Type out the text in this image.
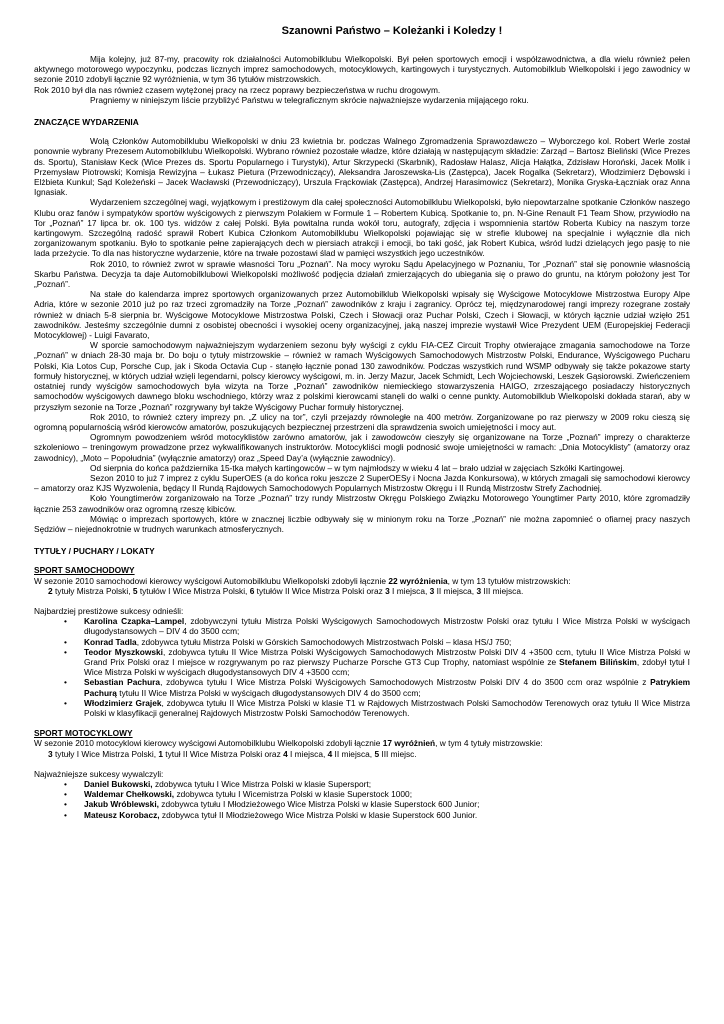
Szanowni Państwo – Koleżanki i Koledzy !

Mija kolejny, już 87-my, pracowity rok działalności Automobilklubu Wielkopolski. Był pełen sportowych emocji i współzawodnictwa, a dla wielu również pełen aktywnego motorowego wypoczynku, podczas licznych imprez samochodowych, motocyklowych, kartingowych i turystycznych. Automobilklub Wielkopolski i jego zawodnicy w sezonie 2010 zdobyli łącznie 92 wyróżnienia, w tym 36 tytułów mistrzowskich.

Rok 2010 był dla nas również czasem wytężonej pracy na rzecz poprawy bezpieczeństwa w ruchu drogowym.

Pragniemy w niniejszym liście przybliżyć Państwu w telegraficznym skrócie najważniejsze wydarzenia mijającego roku.

ZNACZĄCE WYDARZENIA

Wolą Członków Automobilklubu Wielkopolski w dniu 23 kwietnia br. podczas Walnego Zgromadzenia Sprawozdawczo – Wyborczego kol. Robert Werle został ponownie wybrany Prezesem Automobilklubu Wielkopolski. Wybrano również pozostałe władze, które działają w następującym składzie: Zarząd – Bartosz Bieliński (Wice Prezes ds. Sportu), Stanisław Keck (Wice Prezes ds. Sportu Popularnego i Turystyki), Artur Skrzypecki (Skarbnik), Radosław Halasz, Alicja Hałątka, Zdzisław Horoński, Jacek Molik i Przemysław Piotrowski; Komisja Rewizyjna – Łukasz Pietura (Przewodniczący), Aleksandra Jaroszewska-Lis (Zastępca), Jacek Rogalka (Sekretarz), Włodzimierz Dębowski i Elżbieta Kunkul; Sąd Koleżeński – Jacek Wacławski (Przewodniczący), Urszula Frąckowiak (Zastępca), Andrzej Harasimowicz (Sekretarz), Monika Gryska-Łączniak oraz Anna Ignasiak.

Wydarzeniem szczególnej wagi, wyjątkowym i prestiżowym dla całej społeczności Automobilklubu Wielkopolski, było niepowtarzalne spotkanie Członków naszego Klubu oraz fanów i sympatyków sportów wyścigowych z pierwszym Polakiem w Formule 1 – Robertem Kubicą. Spotkanie to, pn. N-Gine Renault F1 Team Show, przywiodło na Tor „Poznań” 17 lipca br. ok. 100 tys. widzów z całej Polski. Była powitalna runda wokół toru, autografy, zdjęcia i wspomnienia startów Roberta Kubicy na naszym torze kartingowym. Szczególną radość sprawił Robert Kubica Członkom Automobilklubu Wielkopolski pojawiając się w strefie klubowej na specjalnie i wyłącznie dla nich zorganizowanym spotkaniu. Było to spotkanie pełne zapierających dech w piersiach atrakcji i emocji, bo taki gość, jak Robert Kubica, wśród ludzi dzielących jego pasję to nie lada przeżycie. To dla nas historyczne wydarzenie, które na trwałe pozostawi ślad w pamięci wszystkich jego uczestników.

Rok 2010, to również zwrot w sprawie własności Toru „Poznań”. Na mocy wyroku Sądu Apelacyjnego w Poznaniu, Tor „Poznań” stał się ponownie własnością Skarbu Państwa. Decyzja ta daje Automobilklubowi Wielkopolski możliwość podjęcia działań zmierzających do ubiegania się o prawo do gruntu, na którym położony jest Tor „Poznań”.

Na stałe do kalendarza imprez sportowych organizowanych przez Automobilklub Wielkopolski wpisały się Wyścigowe Motocyklowe Mistrzostwa Europy Alpe Adria, które w sezonie 2010 już po raz trzeci zgromadziły na Torze „Poznań” zawodników z kraju i zagranicy. Oprócz tej, międzynarodowej rangi imprezy rozegrane zostały również w dniach 5-8 sierpnia br. Wyścigowe Motocyklowe Mistrzostwa Polski, Czech i Słowacji oraz Puchar Polski, Czech i Słowacji, w których łącznie udział wzięło 251 zawodników. Jesteśmy szczególnie dumni z osobistej obecności i wysokiej oceny organizacyjnej, jaką naszej imprezie wystawił Wice Prezydent UEM (Europejskiej Federacji Motocyklowej) - Luigi Favarato,

W sporcie samochodowym najważniejszym wydarzeniem sezonu były wyścigi z cyklu FIA-CEZ Circuit Trophy otwierające zmagania samochodowe na Torze „Poznań” w dniach 28-30 maja br. Do boju o tytuły mistrzowskie – również w ramach Wyścigowych Samochodowych Mistrzostw Polski, Endurance, Wyścigowego Pucharu Polski, Kia Lotos Cup, Porsche Cup, jak i Skoda Octavia Cup - stanęło łącznie ponad 130 zawodników. Podczas wszystkich rund WSMP odbywały się także pokazowe starty formuły historycznej, w których udział wzięli legendarni, polscy kierowcy wyścigowi, m. in. Jerzy Mazur, Jacek Schmidt, Lech Wojciechowski, Leszek Gąsiorowski. Zwieńczeniem ostatniej rundy wyścigów samochodowych była wizyta na Torze „Poznań” zawodników niemieckiego stowarzyszenia HAIGO, zrzeszającego posiadaczy historycznych samochodów wyścigowych dawnego bloku wschodniego, którzy wraz z polskimi kierowcami stanęli do walki o cenne punkty. Automobilklub Wielkopolski dokłada starań, aby w przyszłym sezonie na Torze „Poznań” rozgrywany był także Wyścigowy Puchar formuły historycznej.

Rok 2010, to również cztery imprezy pn. „Z ulicy na tor”, czyli przejazdy równoległe na 400 metrów. Zorganizowane po raz pierwszy w 2009 roku cieszą się ogromną popularnością wśród kierowców amatorów, poszukujących bezpiecznej przestrzeni dla sprawdzenia swoich umiejętności i mocy aut.

Ogromnym powodzeniem wśród motocyklistów zarówno amatorów, jak i zawodowców cieszyły się organizowane na Torze „Poznań” imprezy o charakterze szkoleniowo – treningowym prowadzone przez wykwalifikowanych instruktorów. Motocykliści mogli podnosić swoje umiejętności w ramach: „Dnia Motocyklisty” (amatorzy oraz zawodnicy), „Moto – Popołudnia” (wyłącznie amatorzy) oraz „Speed Day’a (wyłącznie zawodnicy).

Od sierpnia do końca października 15-tka małych kartingowców – w tym najmłodszy w wieku 4 lat – brało udział w zajęciach Szkółki Kartingowej.

Sezon 2010 to już 7 imprez z cyklu SuperOES (a do końca roku jeszcze 2 SuperOESy i Nocna Jazda Konkursowa), w których zmagali się samochodowi kierowcy – amatorzy oraz KJS Wyzwolenia, będący II Rundą Rajdowych Samochodowych Popularnych Mistrzostw Okręgu i II Rundą Mistrzostw Strefy Zachodniej.

Koło Youngtimerów zorganizowało na Torze „Poznań” trzy rundy Mistrzostw Okręgu Polskiego Związku Motorowego Youngtimer Party 2010, które zgromadziły łącznie 253 zawodników oraz ogromną rzeszę kibiców.

Mówiąc o imprezach sportowych, które w znacznej liczbie odbywały się w minionym roku na Torze „Poznań” nie można zapomnieć o ofiarnej pracy naszych Sędziów – niejednokrotnie w trudnych warunkach atmosferycznych.

TYTUŁY / PUCHARY / LOKATY
SPORT SAMOCHODOWY

W sezonie 2010 samochodowi kierowcy wyścigowi Automobilklubu Wielkopolski zdobyli łącznie 22 wyróżnienia, w tym 13 tytułów mistrzowskich:

2 tytuły Mistrza Polski, 5 tytułów I Wice Mistrza Polski, 6 tytułów II Wice Mistrza Polski oraz 3 I miejsca, 3 II miejsca, 3 III miejsca.

Najbardziej prestiżowe sukcesy odnieśli:

• Karolina Czapka–Lampel, zdobywczyni tytułu Mistrza Polski Wyścigowych Samochodowych Mistrzostw Polski oraz tytułu I Wice Mistrza Polski w wyścigach długodystansowych – DIV 4 do 3500 ccm;
• Konrad Tadla, zdobywca tytułu Mistrza Polski w Górskich Samochodowych Mistrzostwach Polski – klasa HS/J 750;
• Teodor Myszkowski, zdobywca tytułu II Wice Mistrza Polski Wyścigowych Samochodowych Mistrzostw Polski DIV 4 +3500 ccm, tytułu II Wice Mistrza Polski w Grand Prix Polski oraz I miejsce w rozgrywanym po raz pierwszy Pucharze Porsche GT3 Cup Trophy, natomiast wspólnie ze Stefanem Bilińskim, zdobył tytuł I Wice Mistrza Polski w wyścigach długodystansowych DIV 4 +3500 ccm;
• Sebastian Pachura, zdobywca tytułu I Wice Mistrza Polski Wyścigowych Samochodowych Mistrzostw Polski DIV 4 do 3500 ccm oraz wspólnie z Patrykiem Pachurą tytułu II Wice Mistrza Polski w wyścigach długodystansowych DIV 4 do 3500 ccm;
• Włodzimierz Grajek, zdobywca tytułu II Wice Mistrza Polski w klasie T1 w Rajdowych Mistrzostwach Polski Samochodów Terenowych oraz tytułu II Wice Mistrza Polski w klasyfikacji generalnej Rajdowych Mistrzostw Polski Samochodów Terenowych.
SPORT MOTOCYKLOWY

W sezonie 2010 motocyklowi kierowcy wyścigowi Automobilklubu Wielkopolski zdobyli łącznie 17 wyróżnień, w tym 4 tytuły mistrzowskie:

3 tytuły I Wice Mistrza Polski, 1 tytuł II Wice Mistrza Polski oraz 4 I miejsca, 4 II miejsca, 5 III miejsc.

Najważniejsze sukcesy wywalczyli:

• Daniel Bukowski, zdobywca tytułu I Wice Mistrza Polski w klasie Supersport;
• Waldemar Chełkowski, zdobywca tytułu I Wicemistrza Polski w klasie Superstock 1000;
• Jakub Wróblewski, zdobywca tytułu I Młodzieżowego Wice Mistrza Polski w klasie Superstock 600 Junior;
• Mateusz Korobacz, zdobywca tytuł II Młodzieżowego Wice Mistrza Polski w klasie Superstock 600 Junior.
